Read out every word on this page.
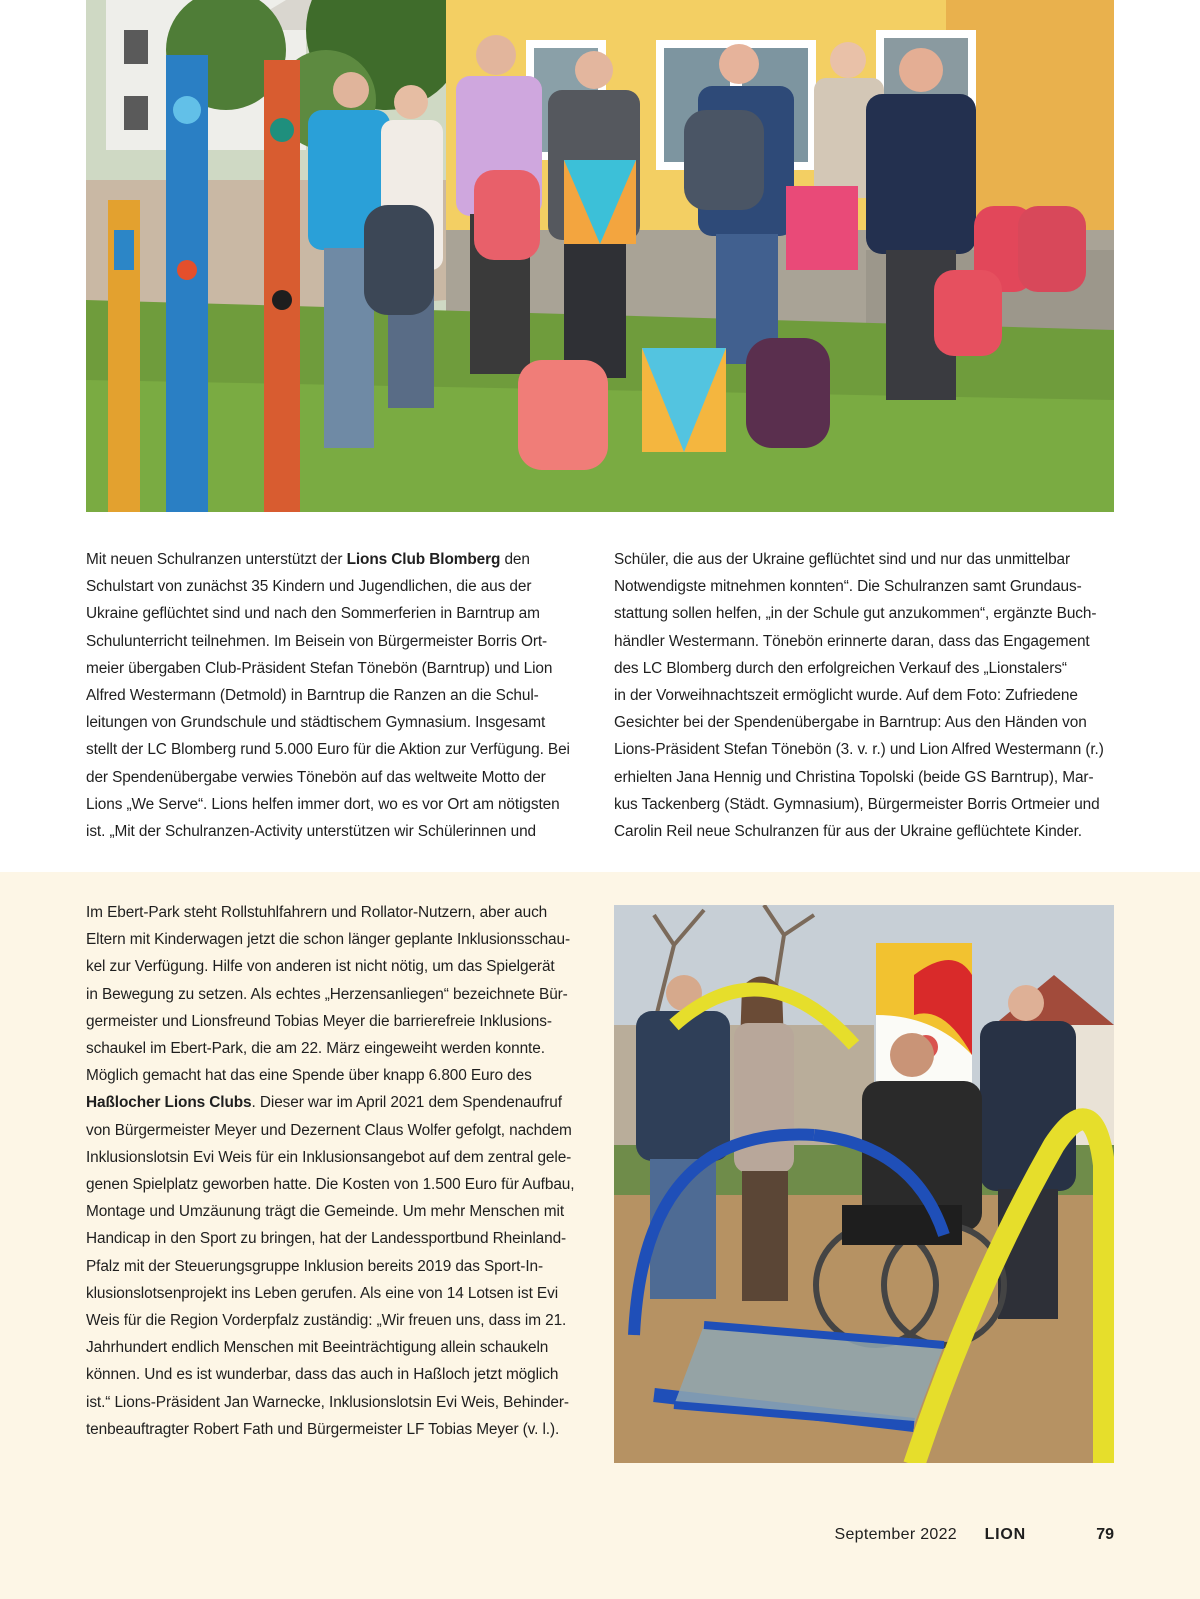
Mit neuen Schulranzen unterstützt der Lions Club Blomberg den
Schulstart von zunächst 35 Kindern und Jugendlichen, die aus der
Ukraine geflüchtet sind und nach den Sommerferien in Barntrup am
Schulunterricht teilnehmen. Im Beisein von Bürgermeister Borris Ort-
meier übergaben Club-Präsident Stefan Tönebön (Barntrup) und Lion
Alfred Westermann (Detmold) in Barntrup die Ranzen an die Schul-
leitungen von Grundschule und städtischem Gymnasium. Insgesamt
stellt der LC Blomberg rund 5.000 Euro für die Aktion zur Verfügung. Bei
der Spendenübergabe verwies Tönebön auf das weltweite Motto der
Lions „We Serve“. Lions helfen immer dort, wo es vor Ort am nötigsten
ist. „Mit der Schulranzen-Activity unterstützen wir Schülerinnen und
Schüler, die aus der Ukraine geflüchtet sind und nur das unmittelbar
Notwendigste mitnehmen konnten“. Die Schulranzen samt Grundaus-
stattung sollen helfen, „in der Schule gut anzukommen“, ergänzte Buch-
händler Westermann. Tönebön erinnerte daran, dass das Engagement
des LC Blomberg durch den erfolgreichen Verkauf des „Lionstalers“
in der Vorweihnachtszeit ermöglicht wurde. Auf dem Foto: Zufriedene
Gesichter bei der Spendenübergabe in Barntrup: Aus den Händen von
Lions-Präsident Stefan Tönebön (3. v. r.) und Lion Alfred Westermann (r.)
erhielten Jana Hennig und Christina Topolski (beide GS Barntrup), Mar-
kus Tackenberg (Städt. Gymnasium), Bürgermeister Borris Ortmeier und
Carolin Reil neue Schulranzen für aus der Ukraine geflüchtete Kinder.
Im Ebert-Park steht Rollstuhlfahrern und Rollator-Nutzern, aber auch
Eltern mit Kinderwagen jetzt die schon länger geplante Inklusionsschau-
kel zur Verfügung. Hilfe von anderen ist nicht nötig, um das Spielgerät
in Bewegung zu setzen. Als echtes „Herzensanliegen“ bezeichnete Bür-
germeister und Lionsfreund Tobias Meyer die barrierefreie Inklusions-
schaukel im Ebert-Park, die am 22. März eingeweiht werden konnte.
Möglich gemacht hat das eine Spende über knapp 6.800 Euro des
Haßlocher Lions Clubs. Dieser war im April 2021 dem Spendenaufruf
von Bürgermeister Meyer und Dezernent Claus Wolfer gefolgt, nachdem
Inklusionslotsin Evi Weis für ein Inklusionsangebot auf dem zentral gele-
genen Spielplatz geworben hatte. Die Kosten von 1.500 Euro für Aufbau,
Montage und Umzäunung trägt die Gemeinde. Um mehr Menschen mit
Handicap in den Sport zu bringen, hat der Landessportbund Rheinland-
Pfalz mit der Steuerungsgruppe Inklusion bereits 2019 das Sport-In-
klusionslotsenprojekt ins Leben gerufen. Als eine von 14 Lotsen ist Evi
Weis für die Region Vorderpfalz zuständig: „Wir freuen uns, dass im 21.
Jahrhundert endlich Menschen mit Beeinträchtigung allein schaukeln
können. Und es ist wunderbar, dass das auch in Haßloch jetzt möglich
ist.“ Lions-Präsident Jan Warnecke, Inklusionslotsin Evi Weis, Behinder-
tenbeauftragter Robert Fath und Bürgermeister LF Tobias Meyer (v. l.).
September 2022 LION	79
